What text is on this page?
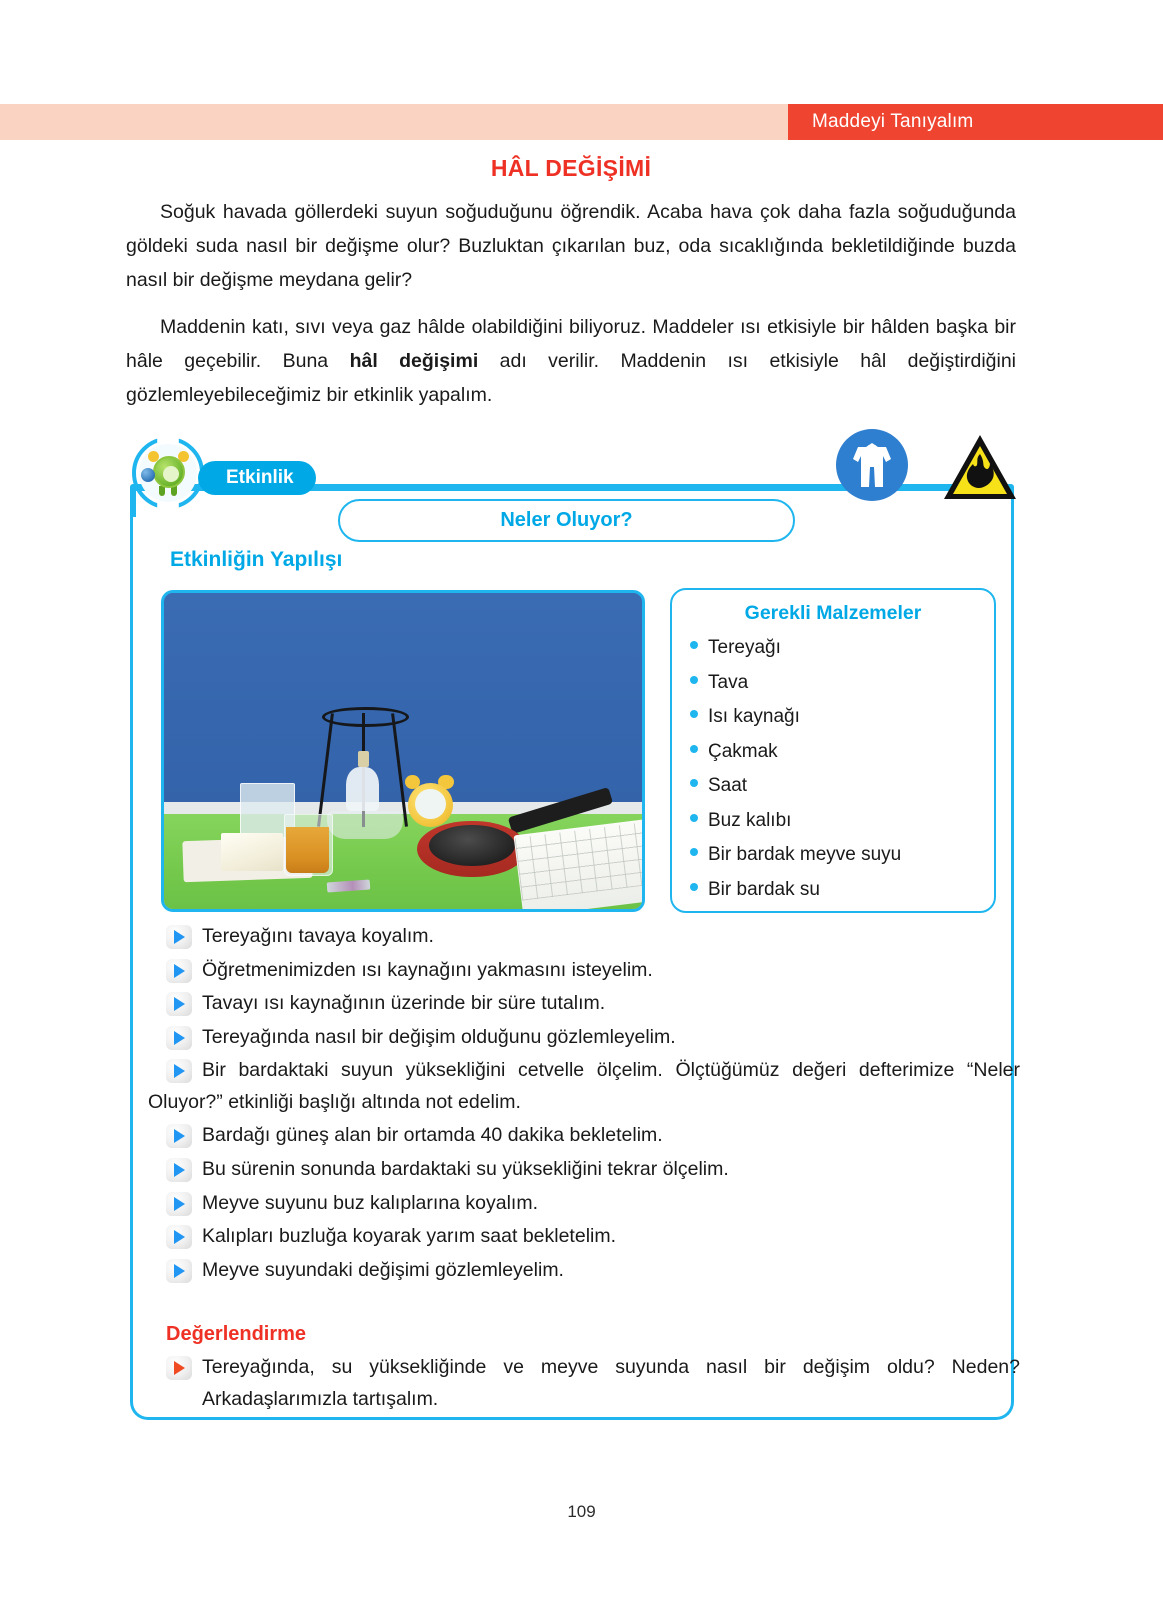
Maddeyi Tanıyalım
HÂL DEĞİŞİMİ

Soğuk havada göllerdeki suyun soğuduğunu öğrendik. Acaba hava çok daha fazla soğuduğunda göldeki suda nasıl bir değişme olur? Buzluktan çıkarılan buz, oda sıcaklığında bekletildiğinde buzda nasıl bir değişme meydana gelir?

Maddenin katı, sıvı veya gaz hâlde olabildiğini biliyoruz. Maddeler ısı etkisiyle bir hâlden başka bir hâle geçebilir. Buna hâl değişimi adı verilir. Maddenin ısı etkisiyle hâl değiştirdiğini gözlemleyebileceğimiz bir etkinlik yapalım.

Etkinlik
Neler Oluyor?
Etkinliğin Yapılışı
Gerekli Malzemeler
Tereyağı
Tava
Isı kaynağı
Çakmak
Saat
Buz kalıbı
Bir bardak meyve suyu
Bir bardak su
Tereyağını tavaya koyalım.
Öğretmenimizden ısı kaynağını yakmasını isteyelim.
Tavayı ısı kaynağının üzerinde bir süre tutalım.
Tereyağında nasıl bir değişim olduğunu gözlemleyelim.
Bir bardaktaki suyun yüksekliğini cetvelle ölçelim. Ölçtüğümüz değeri defterimize “Neler Oluyor?” etkinliği başlığı altında not edelim.
Bardağı güneş alan bir ortamda 40 dakika bekletelim.
Bu sürenin sonunda bardaktaki su yüksekliğini tekrar ölçelim.
Meyve suyunu buz kalıplarına koyalım.
Kalıpları buzluğa koyarak yarım saat bekletelim.
Meyve suyundaki değişimi gözlemleyelim.
Değerlendirme
Tereyağında, su yüksekliğinde ve meyve suyunda nasıl bir değişim oldu? Neden? Arkadaşlarımızla tartışalım.
109
